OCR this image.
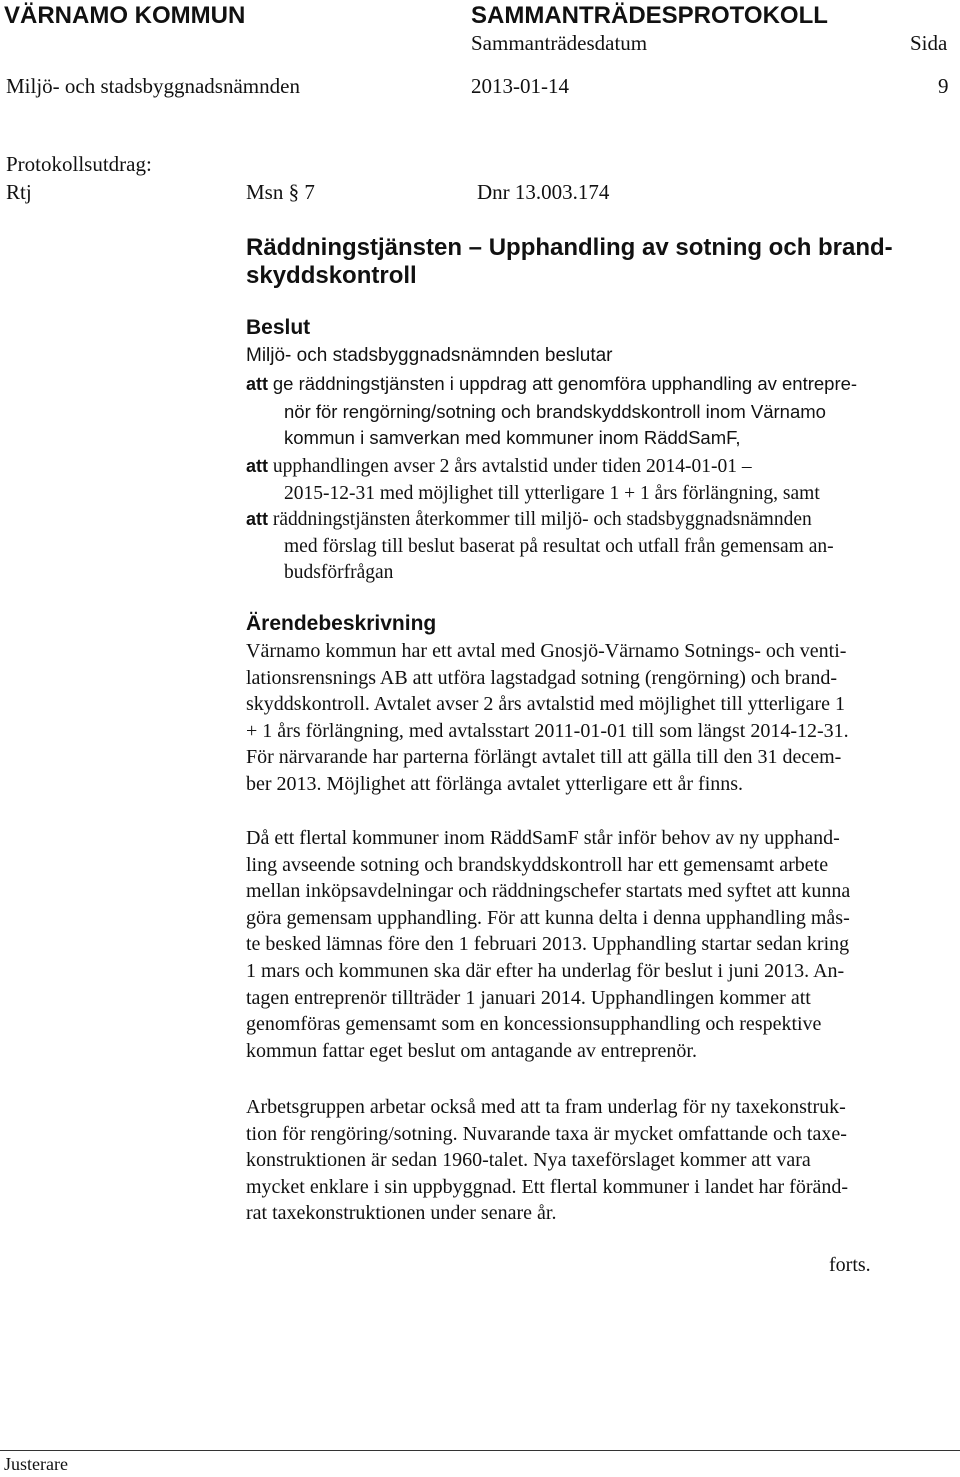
VÄRNAMO KOMMUN	SAMMANTRÄDESPROTOKOLL
Sammanträdesdatum	Sida
Miljö- och stadsbyggnadsnämnden	2013-01-14	9
Protokollsutdrag:
Rtj	Msn § 7	Dnr 13.003.174
Räddningstjänsten – Upphandling av sotning och brand-
skyddskontroll
Beslut
Miljö- och stadsbyggnadsnämnden beslutar
att ge räddningstjänsten i uppdrag att genomföra upphandling av entrepre-
nör för rengörning/sotning och brandskyddskontroll inom Värnamo
kommun i samverkan med kommuner inom RäddSamF,
att upphandlingen avser 2 års avtalstid under tiden 2014-01-01 –
2015-12-31 med möjlighet till ytterligare 1 + 1 års förlängning, samt
att räddningstjänsten återkommer till miljö- och stadsbyggnadsnämnden
med förslag till beslut baserat på resultat och utfall från gemensam an-
budsförfrågan
Ärendebeskrivning
Värnamo kommun har ett avtal med Gnosjö-Värnamo Sotnings- och venti-
lationsrensnings AB att utföra lagstadgad sotning (rengörning) och brand-
skyddskontroll. Avtalet avser 2 års avtalstid med möjlighet till ytterligare 1
+ 1 års förlängning, med avtalsstart 2011-01-01 till som längst 2014-12-31.
För närvarande har parterna förlängt avtalet till att gälla till den 31 decem-
ber 2013. Möjlighet att förlänga avtalet ytterligare ett år finns.
Då ett flertal kommuner inom RäddSamF står inför behov av ny upphand-
ling avseende sotning och brandskyddskontroll har ett gemensamt arbete
mellan inköpsavdelningar och räddningschefer startats med syftet att kunna
göra gemensam upphandling. För att kunna delta i denna upphandling mås-
te besked lämnas före den 1 februari 2013. Upphandling startar sedan kring
1 mars och kommunen ska där efter ha underlag för beslut i juni 2013. An-
tagen entreprenör tillträder 1 januari 2014. Upphandlingen kommer att
genomföras gemensamt som en koncessionsupphandling och respektive
kommun fattar eget beslut om antagande av entreprenör.
Arbetsgruppen arbetar också med att ta fram underlag för ny taxekonstruk-
tion för rengöring/sotning. Nuvarande taxa är mycket omfattande och taxe-
konstruktionen är sedan 1960-talet. Nya taxeförslaget kommer att vara
mycket enklare i sin uppbyggnad. Ett flertal kommuner i landet har föränd-
rat taxekonstruktionen under senare år.
forts.
Justerare
